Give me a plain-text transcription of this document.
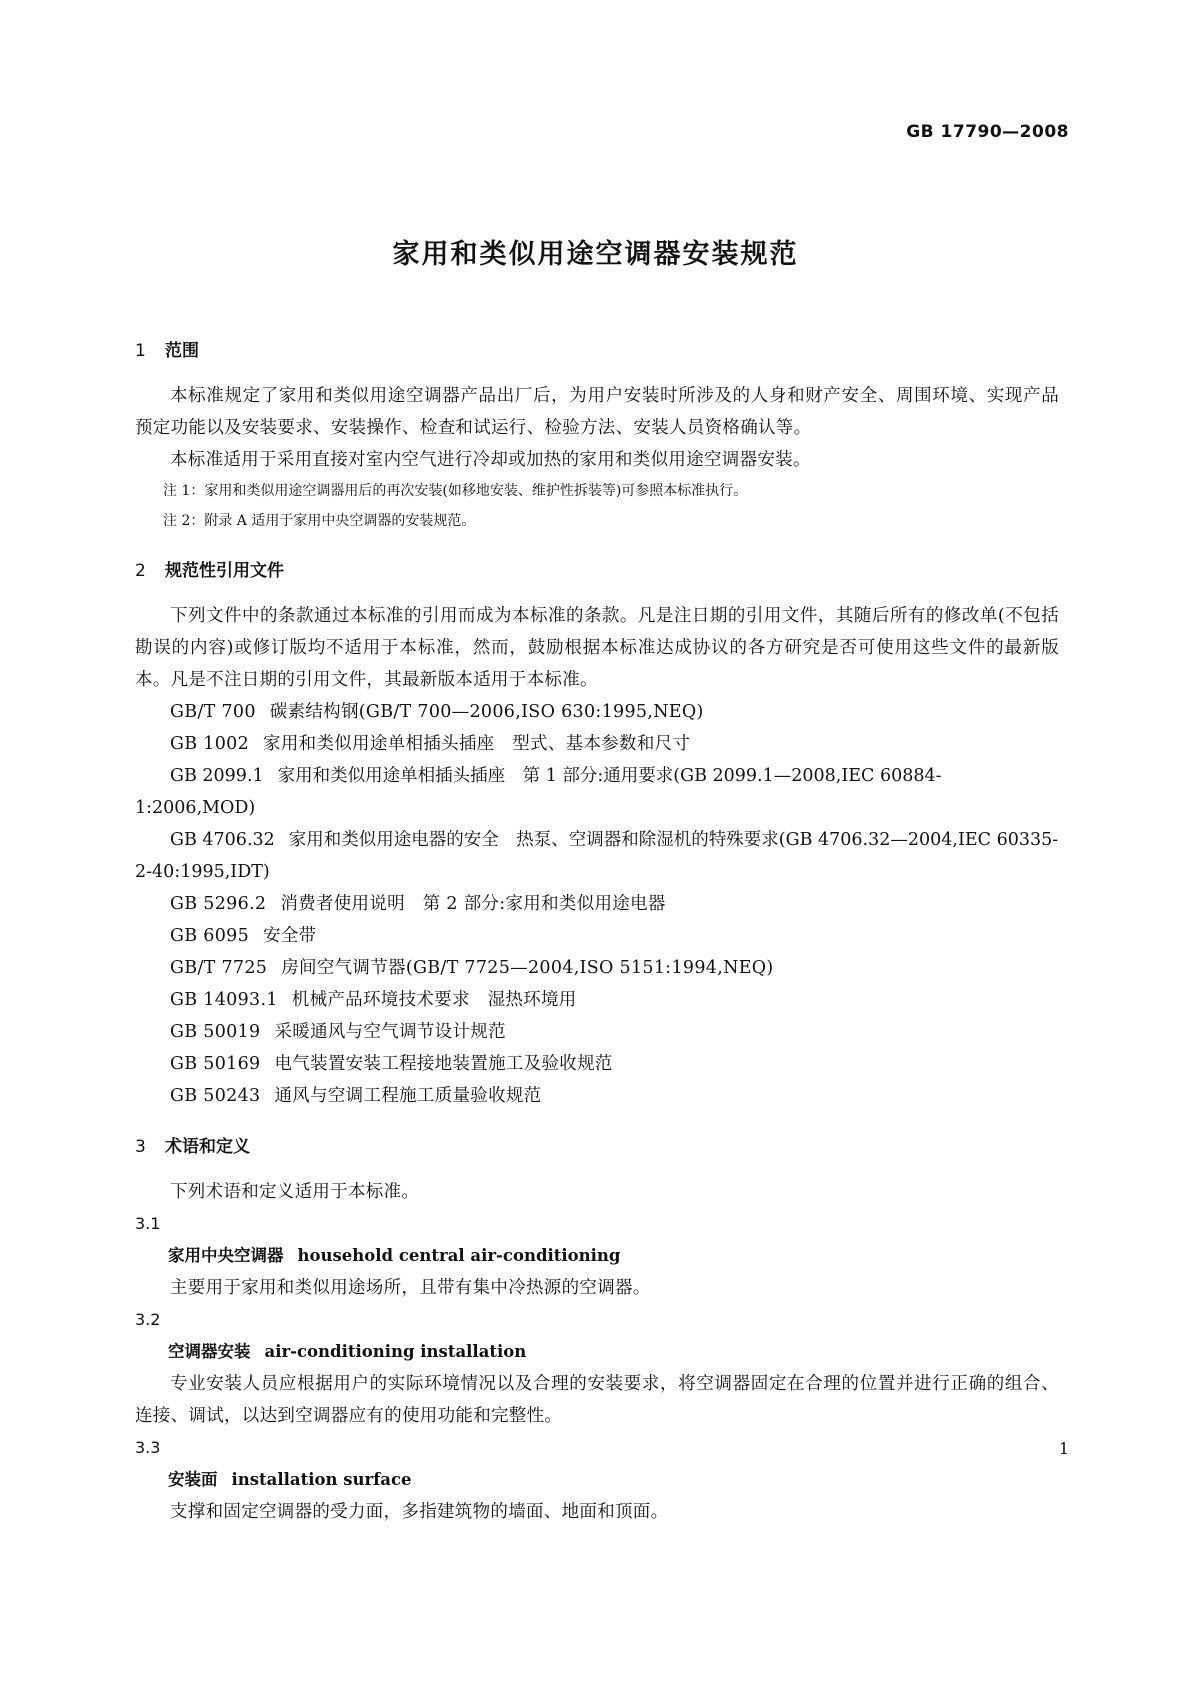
GB 17790—2008
家用和类似用途空调器安装规范
1 范围

本标准规定了家用和类似用途空调器产品出厂后，为用户安装时所涉及的人身和财产安全、周围环境、实现产品预定功能以及安装要求、安装操作、检查和试运行、检验方法、安装人员资格确认等。

本标准适用于采用直接对室内空气进行冷却或加热的家用和类似用途空调器安装。

注 1：家用和类似用途空调器用后的再次安装(如移地安装、维护性拆装等)可参照本标准执行。

注 2：附录 A 适用于家用中央空调器的安装规范。

2 规范性引用文件

下列文件中的条款通过本标准的引用而成为本标准的条款。凡是注日期的引用文件，其随后所有的修改单(不包括勘误的内容)或修订版均不适用于本标准，然而，鼓励根据本标准达成协议的各方研究是否可使用这些文件的最新版本。凡是不注日期的引用文件，其最新版本适用于本标准。

GB/T 700 碳素结构钢(GB/T 700—2006,ISO 630:1995,NEQ)

GB 1002 家用和类似用途单相插头插座　型式、基本参数和尺寸

GB 2099.1 家用和类似用途单相插头插座　第 1 部分:通用要求(GB 2099.1—2008,IEC 60884-1:2006,MOD)

GB 4706.32 家用和类似用途电器的安全　热泵、空调器和除湿机的特殊要求(GB 4706.32—2004,IEC 60335-2-40:1995,IDT)

GB 5296.2 消费者使用说明　第 2 部分:家用和类似用途电器

GB 6095 安全带

GB/T 7725 房间空气调节器(GB/T 7725—2004,ISO 5151:1994,NEQ)

GB 14093.1 机械产品环境技术要求　湿热环境用

GB 50019 采暖通风与空气调节设计规范

GB 50169 电气装置安装工程接地装置施工及验收规范

GB 50243 通风与空调工程施工质量验收规范

3 术语和定义

下列术语和定义适用于本标准。

3.1

家用中央空调器 household central air-conditioning

主要用于家用和类似用途场所，且带有集中冷热源的空调器。

3.2

空调器安装 air-conditioning installation

专业安装人员应根据用户的实际环境情况以及合理的安装要求，将空调器固定在合理的位置并进行正确的组合、连接、调试，以达到空调器应有的使用功能和完整性。

3.3

安装面 installation surface

支撑和固定空调器的受力面，多指建筑物的墙面、地面和顶面。

1
